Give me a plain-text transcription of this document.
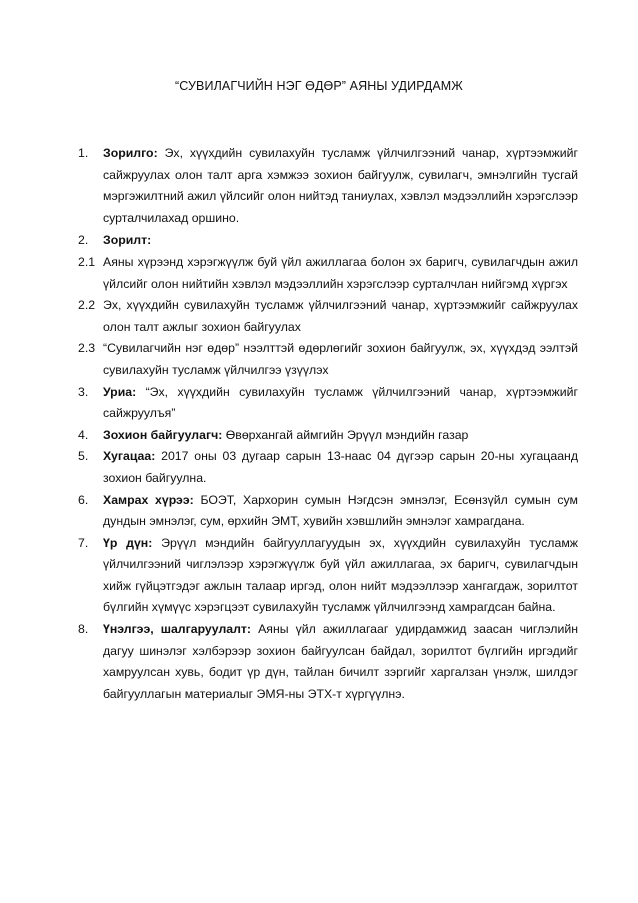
“СУВИЛАГЧИЙН НЭГ ӨДӨР” АЯНЫ УДИРДАМЖ
1. Зорилго: Эх, хүүхдийн сувилахуйн тусламж үйлчилгээний чанар, хүртээмжийг сайжруулах олон талт арга хэмжээ зохион байгуулж, сувилагч, эмнэлгийн тусгай мэргэжилтний ажил үйлсийг олон нийтэд таниулах, хэвлэл мэдээллийн хэрэгслээр сурталчилахад оршино.
2. Зорилт:
2.1 Аяны хүрээнд хэрэгжүүлж буй үйл ажиллагаа болон эх баригч, сувилагчдын ажил үйлсийг олон нийтийн хэвлэл мэдээллийн хэрэгслээр сурталчлан нийгэмд хүргэх
2.2 Эх, хүүхдийн сувилахуйн тусламж үйлчилгээний чанар, хүртээмжийг сайжруулах олон талт ажлыг зохион байгуулах
2.3 “Сувилагчийн нэг өдөр” нээлттэй өдөрлөгийг зохион байгуулж, эх, хүүхдэд ээлтэй сувилахуйн тусламж үйлчилгээ үзүүлэх
3. Уриа: “Эх, хүүхдийн сувилахуйн тусламж үйлчилгээний чанар, хүртээмжийг сайжруулъя”
4. Зохион байгуулагч: Өвөрхангай аймгийн Эрүүл мэндийн газар
5. Хугацаа: 2017 оны 03 дугаар сарын 13-наас 04 дүгээр сарын 20-ны хугацаанд зохион байгуулна.
6. Хамрах хүрээ: БОЭТ, Хархорин сумын Нэгдсэн эмнэлэг, Есөнзүйл сумын сум дундын эмнэлэг, сум, өрхийн ЭМТ, хувийн хэвшлийн эмнэлэг хамрагдана.
7. Үр дүн: Эрүүл мэндийн байгууллагуудын эх, хүүхдийн сувилахуйн тусламж үйлчилгээний чиглэлээр хэрэгжүүлж буй үйл ажиллагаа, эх баригч, сувилагчдын хийж гүйцэтгэдэг ажлын талаар иргэд, олон нийт мэдээллээр хангагдаж, зорилтот бүлгийн хүмүүс хэрэгцээт сувилахуйн тусламж үйлчилгээнд хамрагдсан байна.
8. Үнэлгээ, шалгаруулалт: Аяны үйл ажиллагааг удирдамжид заасан чиглэлийн дагуу шинэлэг хэлбэрээр зохион байгуулсан байдал, зорилтот бүлгийн иргэдийг хамруулсан хувь, бодит үр дүн, тайлан бичилт зэргийг харгалзан үнэлж, шилдэг байгууллагын материалыг ЭМЯ-ны ЭТХ-т хүргүүлнэ.
